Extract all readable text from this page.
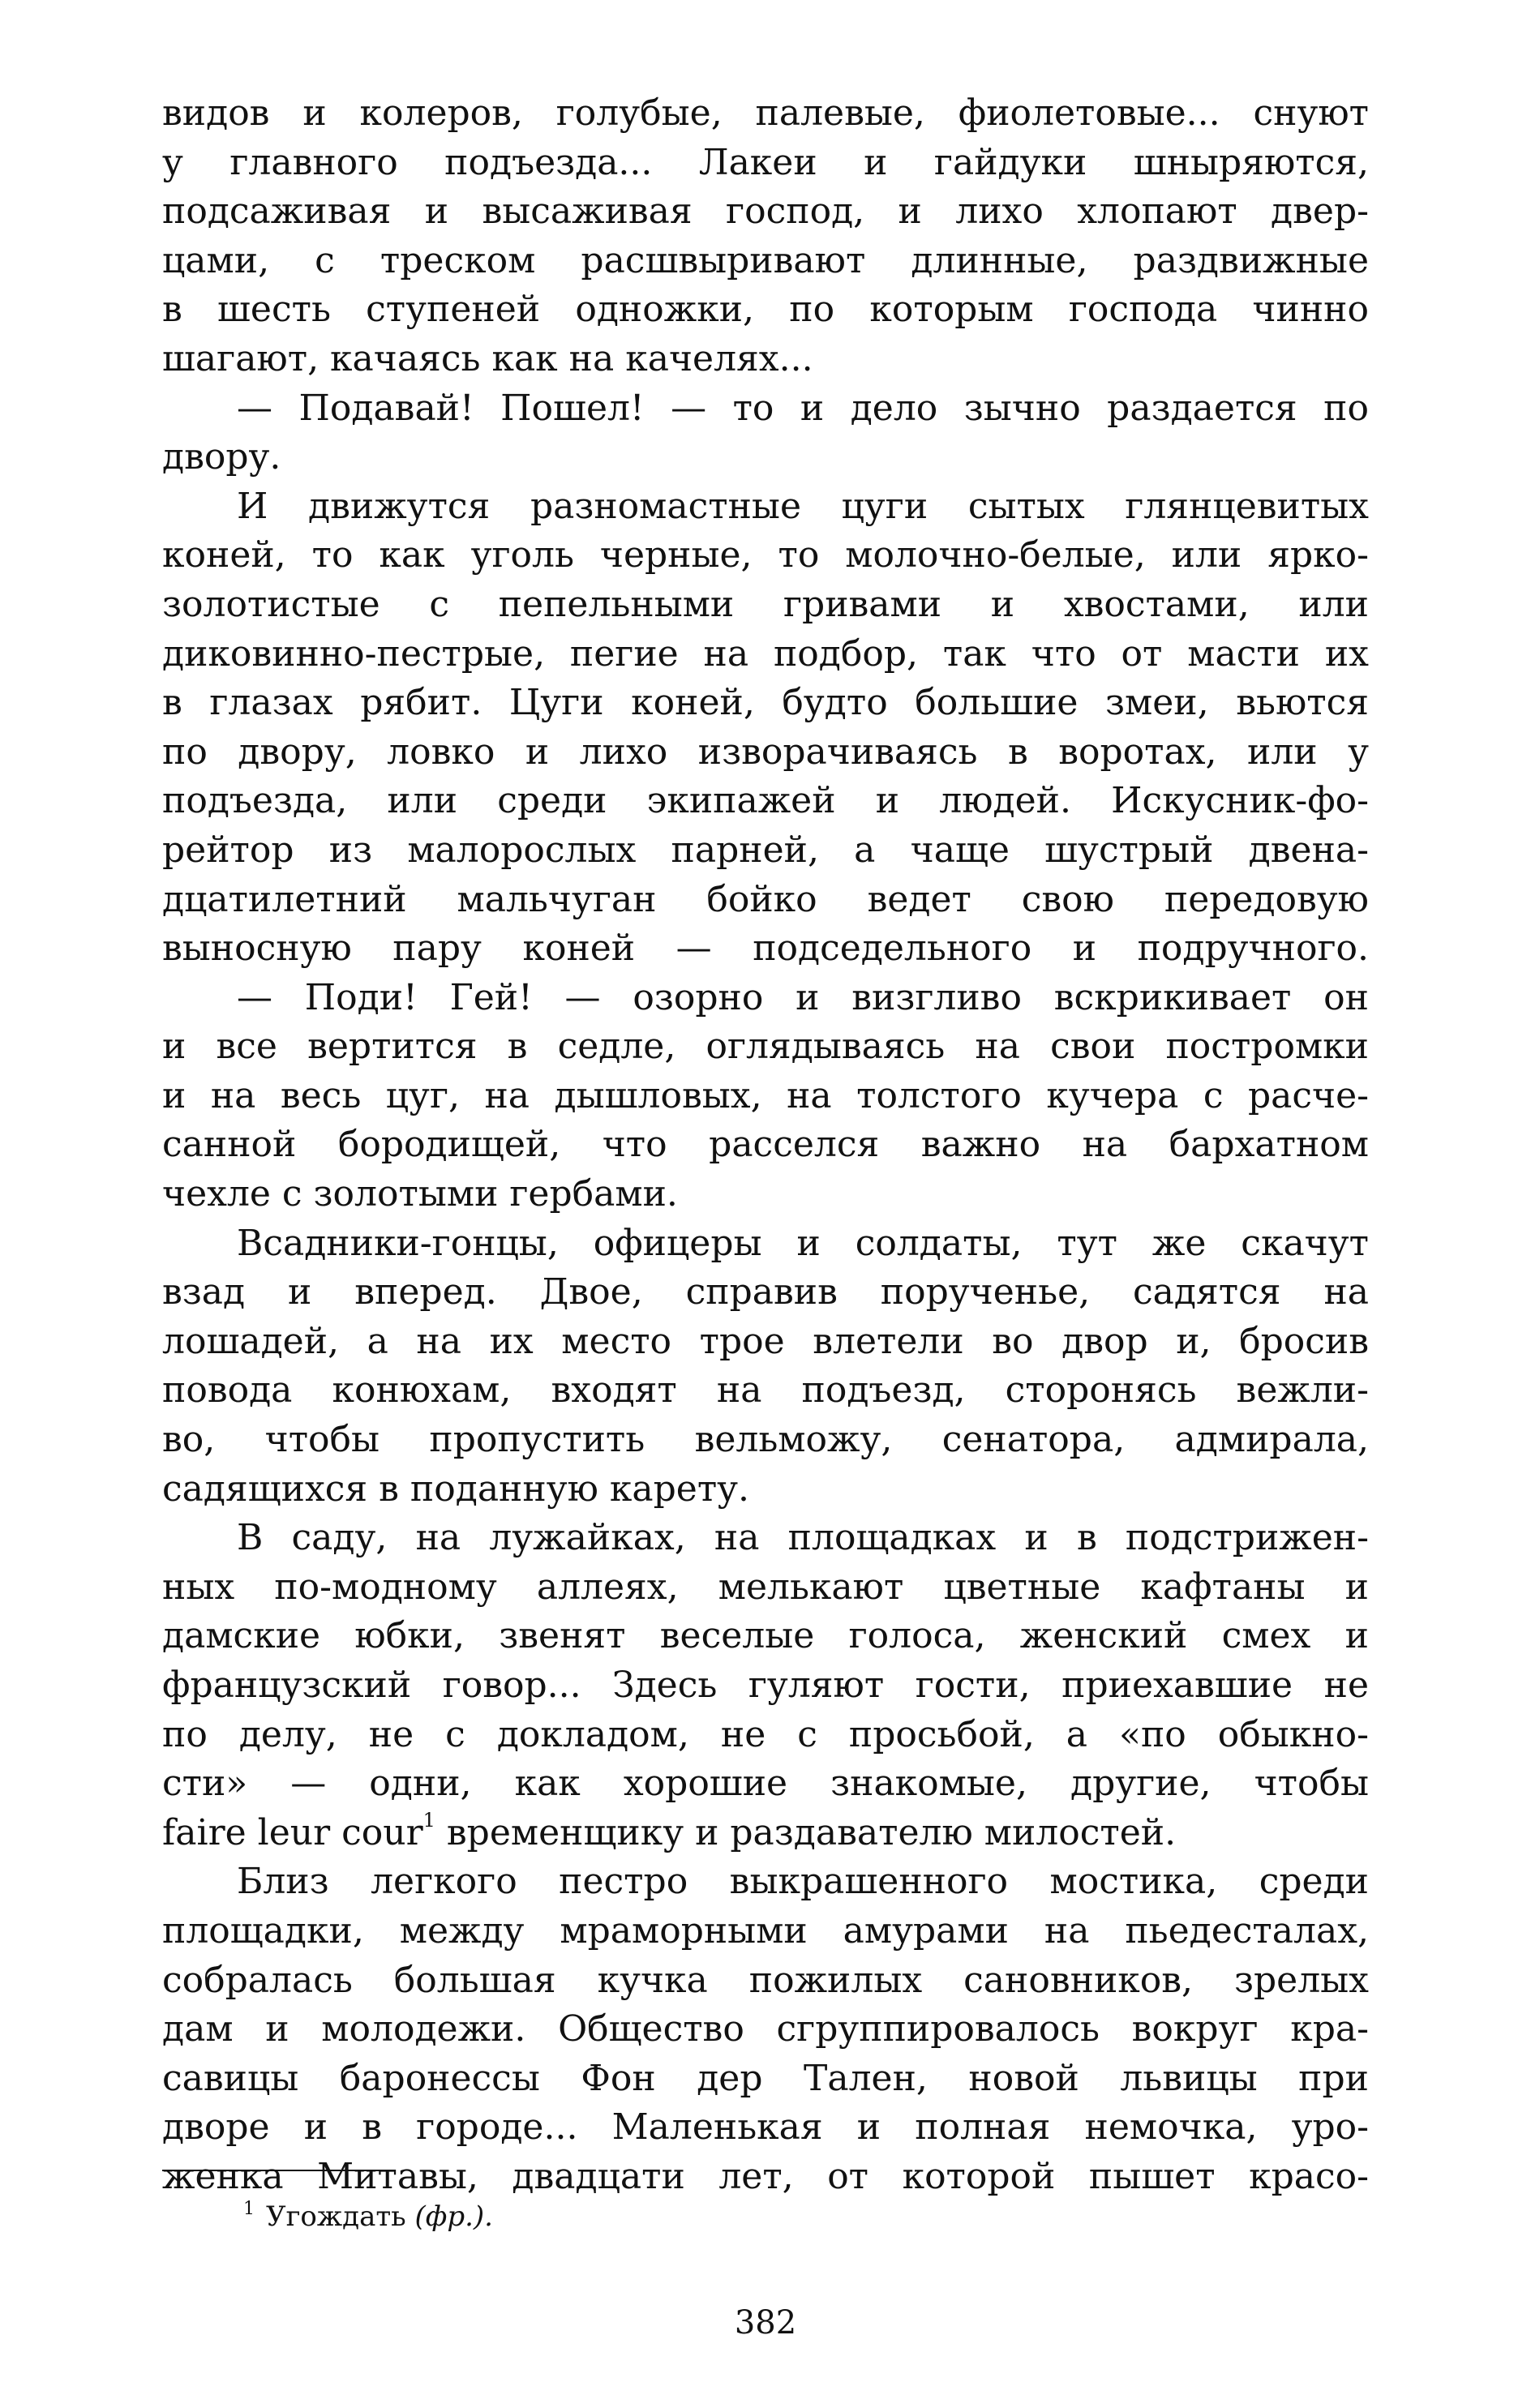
видов и колеров, голубые, палевые, фиолетовые... снуют
у главного подъезда... Лакеи и гайдуки шныряются,
подсаживая и высаживая господ, и лихо хлопают двер-
цами, с треском расшвыривают длинные, раздвижные
в шесть ступеней одножки, по которым господа чинно
шагают, качаясь как на качелях...
— Подавай! Пошел! — то и дело зычно раздается по
двору.
И движутся разномастные цуги сытых глянцевитых
коней, то как уголь черные, то молочно-белые, или ярко-
золотистые с пепельными гривами и хвостами, или
диковинно-пестрые, пегие на подбор, так что от масти их
в глазах рябит. Цуги коней, будто большие змеи, вьются
по двору, ловко и лихо изворачиваясь в воротах, или у
подъезда, или среди экипажей и людей. Искусник-фо-
рейтор из малорослых парней, а чаще шустрый двена-
дцатилетний мальчуган бойко ведет свою передовую
выносную пару коней — подседельного и подручного.
— Поди! Гей! — озорно и визгливо вскрикивает он
и все вертится в седле, оглядываясь на свои постромки
и на весь цуг, на дышловых, на толстого кучера с расче-
санной бородищей, что расселся важно на бархатном
чехле с золотыми гербами.
Всадники-гонцы, офицеры и солдаты, тут же скачут
взад и вперед. Двое, справив порученье, садятся на
лошадей, а на их место трое влетели во двор и, бросив
повода конюхам, входят на подъезд, сторонясь вежли-
во, чтобы пропустить вельможу, сенатора, адмирала,
садящихся в поданную карету.
В саду, на лужайках, на площадках и в подстрижен-
ных по-модному аллеях, мелькают цветные кафтаны и
дамские юбки, звенят веселые голоса, женский смех и
французский говор... Здесь гуляют гости, приехавшие не
по делу, не с докладом, не с просьбой, а «по обыкно-
сти» — одни, как хорошие знакомые, другие, чтобы
faire leur cour$^1$ временщику и раздавателю милостей.
Близ легкого пестро выкрашенного мостика, среди
площадки, между мраморными амурами на пьедесталах,
собралась большая кучка пожилых сановников, зрелых
дам и молодежи. Общество сгруппировалось вокруг кра-
савицы баронессы Фон дер Тален, новой львицы при
дворе и в городе... Маленькая и полная немочка, уро-
женка Митавы, двадцати лет, от которой пышет красо-
$^1$ Угождать (фр.).
382
